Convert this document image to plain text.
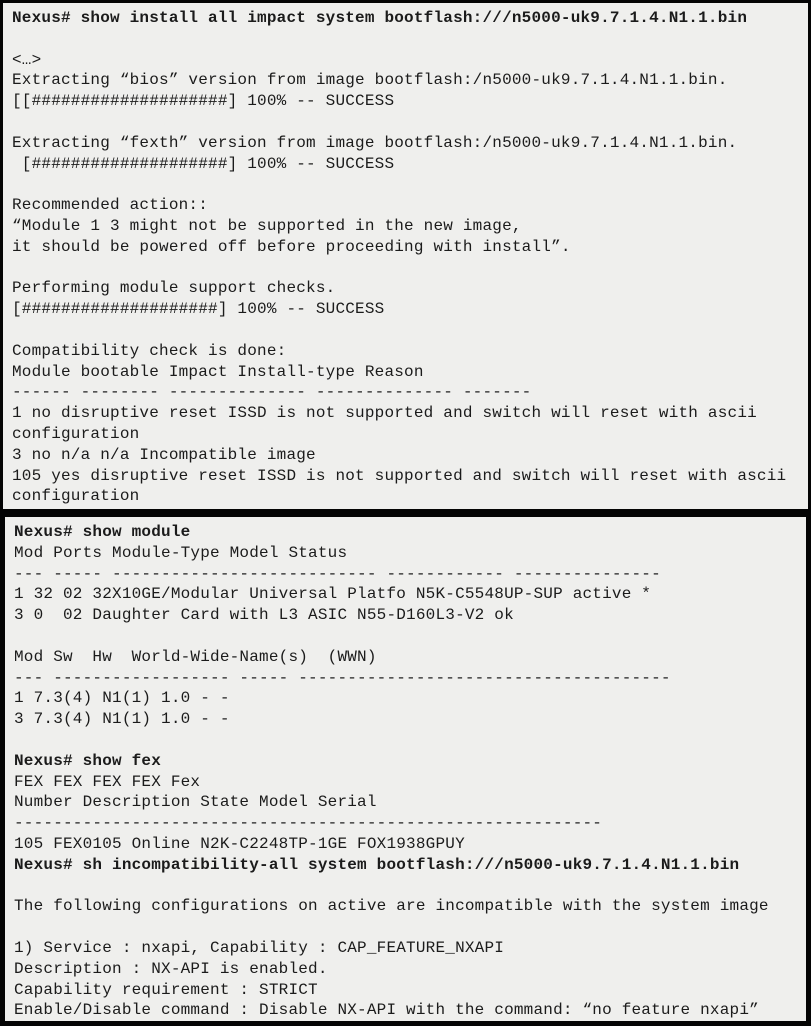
Nexus# show install all impact system bootflash:///n5000-uk9.7.1.4.N1.1.bin

<…>
Extracting “bios” version from image bootflash:/n5000-uk9.7.1.4.N1.1.bin.
[[####################] 100% -- SUCCESS

Extracting “fexth” version from image bootflash:/n5000-uk9.7.1.4.N1.1.bin.
[####################] 100% -- SUCCESS

Recommended action::
“Module 1 3 might not be supported in the new image,
it should be powered off before proceeding with install”.

Performing module support checks.
[####################] 100% -- SUCCESS

Compatibility check is done:
Module bootable Impact Install-type Reason
------ -------- -------------- -------------- -------
1 no disruptive reset ISSD is not supported and switch will reset with ascii
configuration
3 no n/a n/a Incompatible image
105 yes disruptive reset ISSD is not supported and switch will reset with ascii
configuration
Nexus# show module
Mod Ports Module-Type Model Status
--- ----- --------------------------- ------------ ---------------
1 32 02 32X10GE/Modular Universal Platfo N5K-C5548UP-SUP active *
3 0  02 Daughter Card with L3 ASIC N55-D160L3-V2 ok

Mod Sw  Hw  World-Wide-Name(s)  (WWN)
--- ------------------ ----- --------------------------------------
1 7.3(4) N1(1) 1.0 - -
3 7.3(4) N1(1) 1.0 - -

Nexus# show fex
FEX FEX FEX FEX Fex
Number Description State Model Serial
------------------------------------------------------------
105 FEX0105 Online N2K-C2248TP-1GE FOX1938GPUY
Nexus# sh incompatibility-all system bootflash:///n5000-uk9.7.1.4.N1.1.bin

The following configurations on active are incompatible with the system image

1) Service : nxapi, Capability : CAP_FEATURE_NXAPI
Description : NX-API is enabled.
Capability requirement : STRICT
Enable/Disable command : Disable NX-API with the command: “no feature nxapi”
